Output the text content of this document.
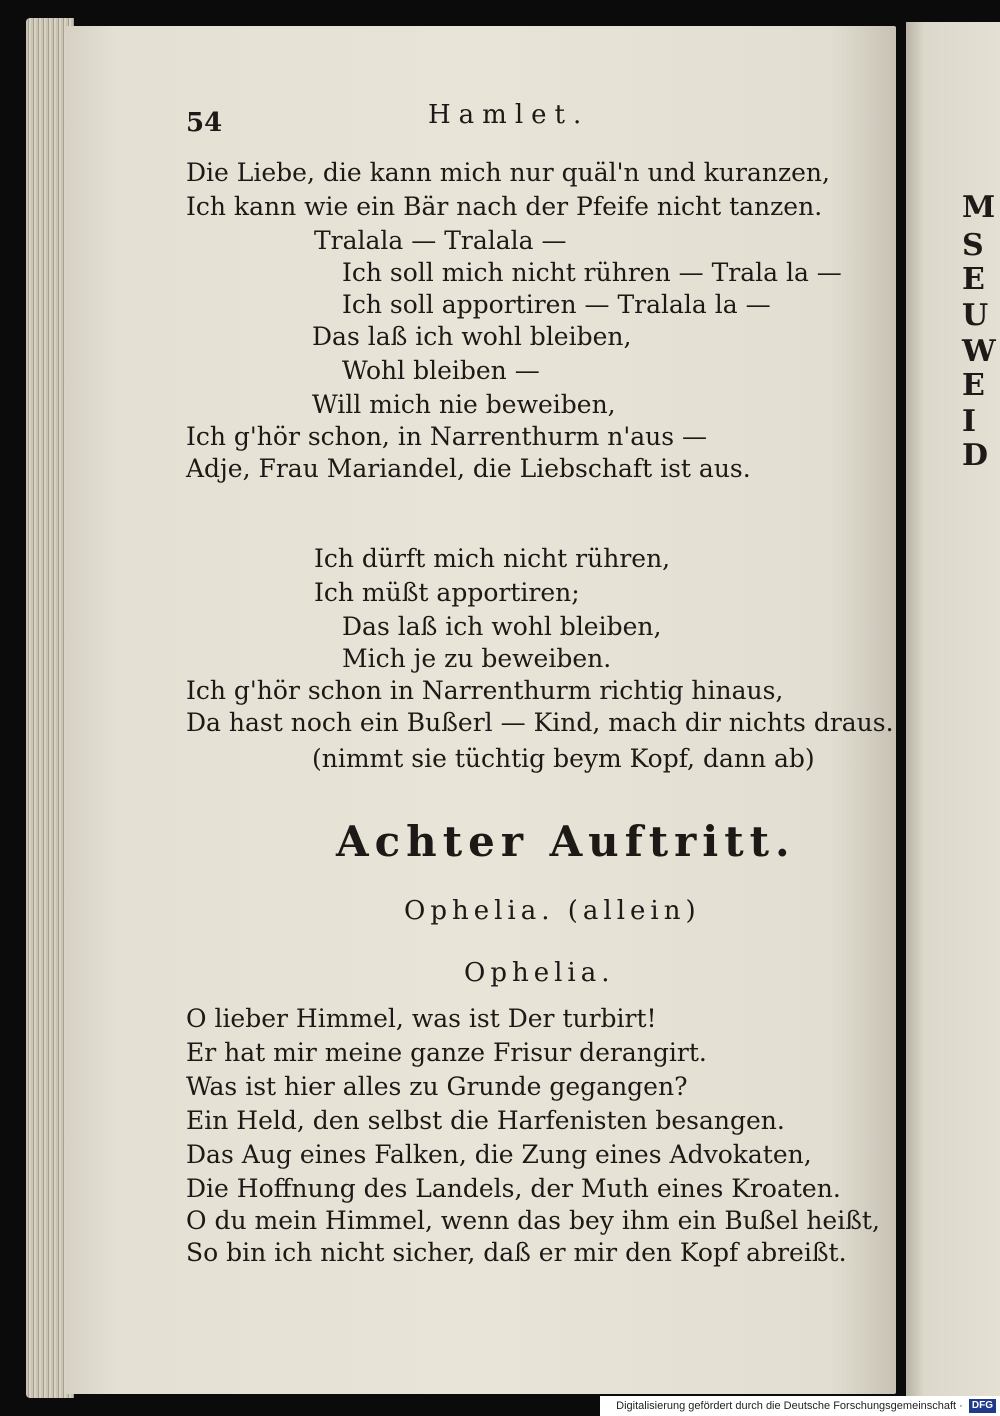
M
S
E
U
W
E
I
D
54	Hamlet.
Die Liebe, die kann mich nur quäl'n und kuranzen,
Ich kann wie ein Bär nach der Pfeife nicht tanzen.
Tralala — Tralala —
Ich soll mich nicht rühren — Trala la —
Ich soll apportiren — Tralala la —
Das laß ich wohl bleiben,
Wohl bleiben —
Will mich nie beweiben,
Ich g'hör schon, in Narrenthurm n'aus —
Adje, Frau Mariandel, die Liebschaft ist aus.
Ich dürft mich nicht rühren,
Ich müßt apportiren;
Das laß ich wohl bleiben,
Mich je zu beweiben.
Ich g'hör schon in Narrenthurm richtig hinaus,
Da hast noch ein Bußerl — Kind, mach dir nichts draus.
(nimmt sie tüchtig beym Kopf, dann ab)
Achter Auftritt.
Ophelia. (allein)
Ophelia.
O lieber Himmel, was ist Der turbirt!
Er hat mir meine ganze Frisur derangirt.
Was ist hier alles zu Grunde gegangen?
Ein Held, den selbst die Harfenisten besangen.
Das Aug eines Falken, die Zung eines Advokaten,
Die Hoffnung des Landels, der Muth eines Kroaten.
O du mein Himmel, wenn das bey ihm ein Bußel heißt,
So bin ich nicht sicher, daß er mir den Kopf abreißt.
Digitalisierung gefördert durch die Deutsche Forschungsgemeinschaft · DFG
